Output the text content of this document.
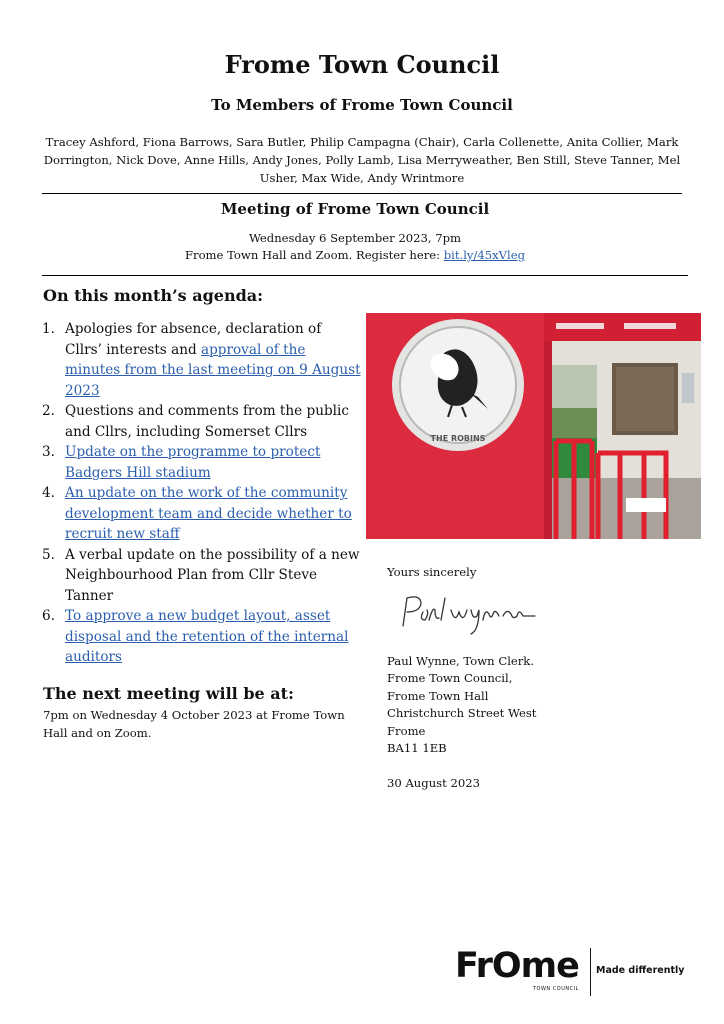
Frome Town Council
To Members of Frome Town Council
Tracey Ashford, Fiona Barrows, Sara Butler, Philip Campagna (Chair), Carla Collenette, Anita Collier, Mark Dorrington, Nick Dove, Anne Hills, Andy Jones, Polly Lamb, Lisa Merryweather, Ben Still, Steve Tanner, Mel Usher, Max Wide, Andy Wrintmore
Meeting of Frome Town Council
Wednesday 6 September 2023, 7pm
Frome Town Hall and Zoom. Register here: bit.ly/45xVleg
On this month’s agenda:
1. Apologies for absence, declaration of Cllrs’ interests and approval of the minutes from the last meeting on 9 August 2023
2. Questions and comments from the public and Cllrs, including Somerset Cllrs
3. Update on the programme to protect Badgers Hill stadium
4. An update on the work of the community development team and decide whether to recruit new staff
5. A verbal update on the possibility of a new Neighbourhood Plan from Cllr Steve Tanner
6. To approve a new budget layout, asset disposal and the retention of the internal auditors
The next meeting will be at:
7pm on Wednesday 4 October 2023 at Frome Town Hall and on Zoom.
THE ROBINS
Yours sincerely
Paul Wynne, Town Clerk.
Frome Town Council,
Frome Town Hall
Christchurch Street West
Frome
BA11 1EB
30 August 2023
FrOme
TOWN COUNCIL
Made differently
